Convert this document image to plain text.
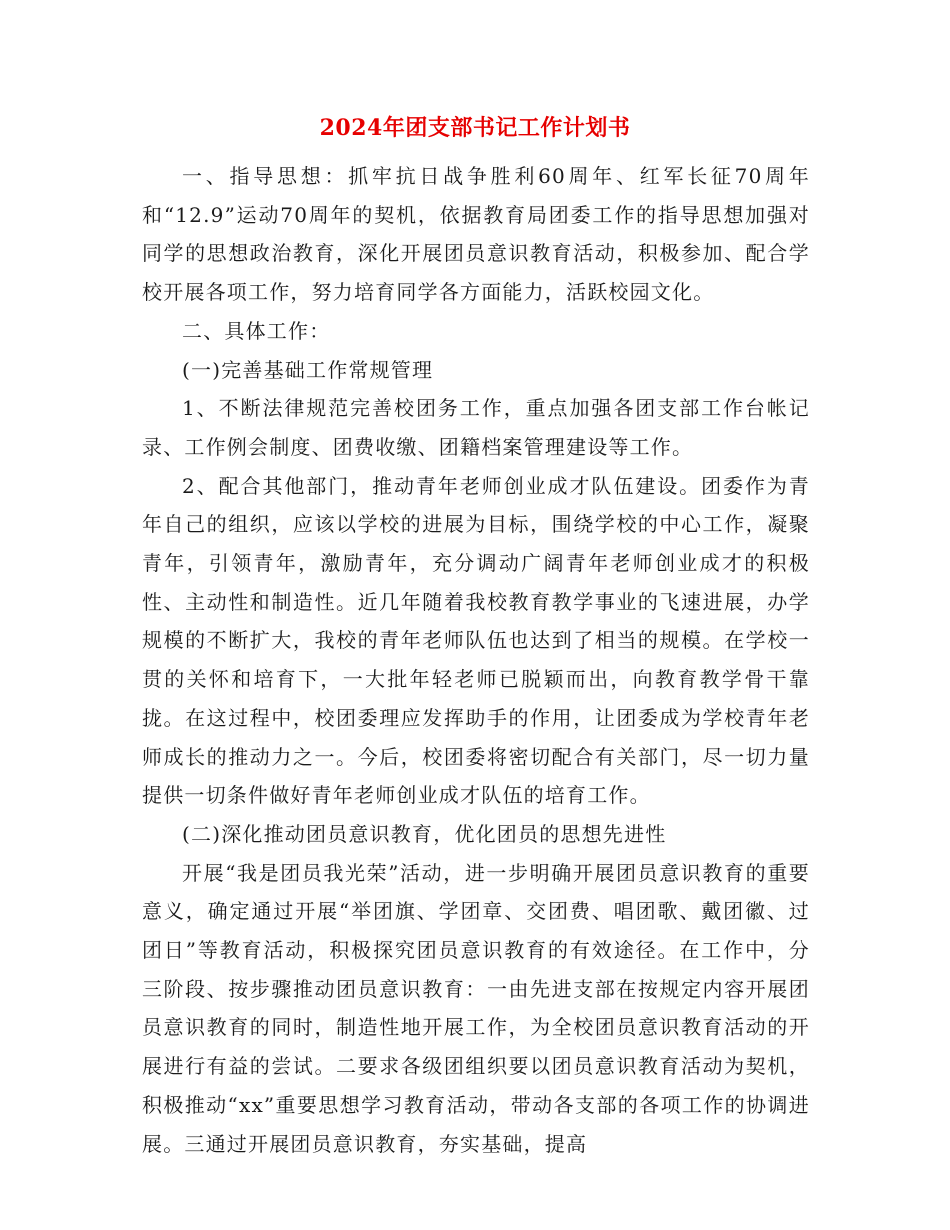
2024年团支部书记工作计划书

一、指导思想：抓牢抗日战争胜利60周年、红军长征70周年和“12.9”运动70周年的契机，依据教育局团委工作的指导思想加强对同学的思想政治教育，深化开展团员意识教育活动，积极参加、配合学校开展各项工作，努力培育同学各方面能力，活跃校园文化。

二、具体工作：

(一)完善基础工作常规管理

1、不断法律规范完善校团务工作，重点加强各团支部工作台帐记录、工作例会制度、团费收缴、团籍档案管理建设等工作。

2、配合其他部门，推动青年老师创业成才队伍建设。团委作为青年自己的组织，应该以学校的进展为目标，围绕学校的中心工作，凝聚青年，引领青年，激励青年，充分调动广阔青年老师创业成才的积极性、主动性和制造性。近几年随着我校教育教学事业的飞速进展，办学规模的不断扩大，我校的青年老师队伍也达到了相当的规模。在学校一贯的关怀和培育下，一大批年轻老师已脱颖而出，向教育教学骨干靠拢。在这过程中，校团委理应发挥助手的作用，让团委成为学校青年老师成长的推动力之一。今后，校团委将密切配合有关部门，尽一切力量提供一切条件做好青年老师创业成才队伍的培育工作。

(二)深化推动团员意识教育，优化团员的思想先进性

开展“我是团员我光荣”活动，进一步明确开展团员意识教育的重要意义，确定通过开展“举团旗、学团章、交团费、唱团歌、戴团徽、过团日”等教育活动，积极探究团员意识教育的有效途径。在工作中，分三阶段、按步骤推动团员意识教育：一由先进支部在按规定内容开展团员意识教育的同时，制造性地开展工作，为全校团员意识教育活动的开展进行有益的尝试。二要求各级团组织要以团员意识教育活动为契机，积极推动“xx”重要思想学习教育活动，带动各支部的各项工作的协调进展。三通过开展团员意识教育，夯实基础，提高
